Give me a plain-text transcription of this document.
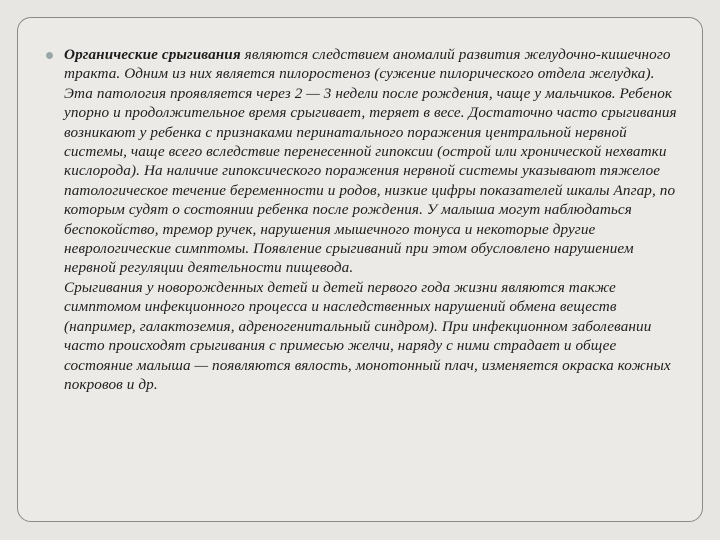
Органические срыгивания являются следствием аномалий развития желудочно-кишечного тракта. Одним из них является пилоростеноз (сужение пилорического отдела желудка). Эта патология проявляется через 2 — 3 недели после рождения, чаще у мальчиков. Ребенок упорно и продолжительное время срыгивает, теряет в весе. Достаточно часто срыгивания возникают у ребенка с признаками перинатального поражения центральной нервной системы, чаще всего вследствие перенесенной гипоксии (острой или хронической нехватки кислорода). На наличие гипоксического поражения нервной системы указывают тяжелое патологическое течение беременности и родов, низкие цифры показателей шкалы Апгар, по которым судят о состоянии ребенка после рождения. У малыша могут наблюдаться беспокойство, тремор ручек, нарушения мышечного тонуса и некоторые другие неврологические симптомы. Появление срыгиваний при этом обусловлено нарушением нервной регуляции деятельности пищевода.

Срыгивания у новорожденных детей и детей первого года жизни являются также симптомом инфекционного процесса и наследственных нарушений обмена веществ (например, галактоземия, адреногенитальный синдром). При инфекционном заболевании часто происходят срыгивания с примесью желчи, наряду с ними страдает и общее состояние малыша — появляются вялость, монотонный плач, изменяется окраска кожных покровов и др.
